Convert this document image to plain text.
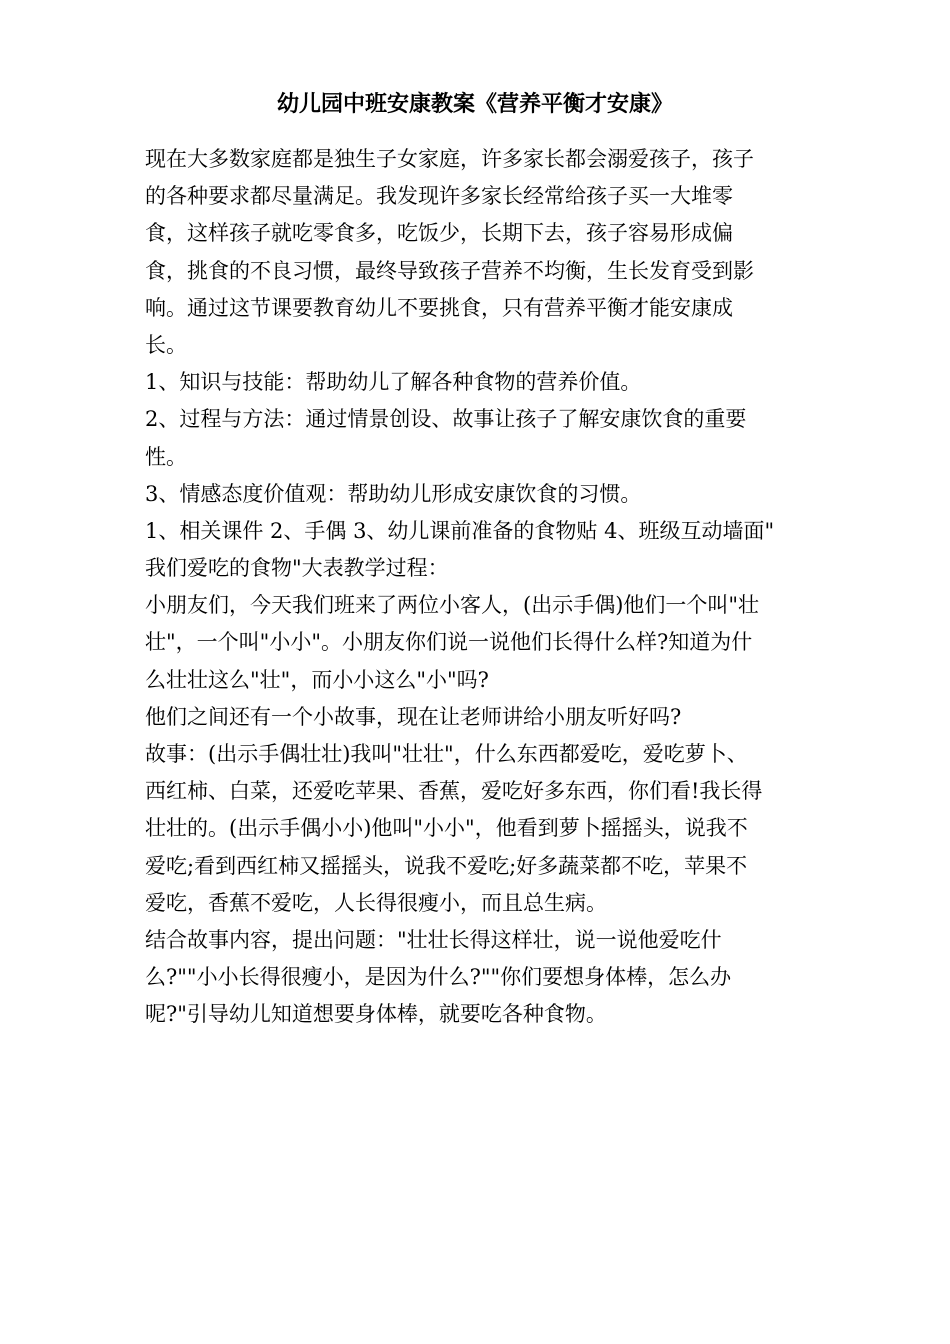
幼儿园中班安康教案《营养平衡才安康》
现在大多数家庭都是独生子女家庭，许多家长都会溺爱孩子，孩子
的各种要求都尽量满足。我发现许多家长经常给孩子买一大堆零
食，这样孩子就吃零食多，吃饭少，长期下去，孩子容易形成偏
食，挑食的不良习惯，最终导致孩子营养不均衡，生长发育受到影
响。通过这节课要教育幼儿不要挑食，只有营养平衡才能安康成
长。
1、知识与技能：帮助幼儿了解各种食物的营养价值。
2、过程与方法：通过情景创设、故事让孩子了解安康饮食的重要
性。
3、情感态度价值观：帮助幼儿形成安康饮食的习惯。
1、相关课件 2、手偶 3、幼儿课前准备的食物贴 4、班级互动墙面"
我们爱吃的食物"大表教学过程：
小朋友们，今天我们班来了两位小客人，(出示手偶)他们一个叫"壮
壮"，一个叫"小小"。小朋友你们说一说他们长得什么样?知道为什
么壮壮这么"壮"，而小小这么"小"吗?
他们之间还有一个小故事，现在让老师讲给小朋友听好吗?
故事：(出示手偶壮壮)我叫"壮壮"，什么东西都爱吃，爱吃萝卜、
西红柿、白菜，还爱吃苹果、香蕉，爱吃好多东西，你们看!我长得
壮壮的。(出示手偶小小)他叫"小小"，他看到萝卜摇摇头，说我不
爱吃;看到西红柿又摇摇头，说我不爱吃;好多蔬菜都不吃，苹果不
爱吃，香蕉不爱吃，人长得很瘦小，而且总生病。
结合故事内容，提出问题："壮壮长得这样壮，说一说他爱吃什
么?""小小长得很瘦小，是因为什么?""你们要想身体棒，怎么办
呢?"引导幼儿知道想要身体棒，就要吃各种食物。
